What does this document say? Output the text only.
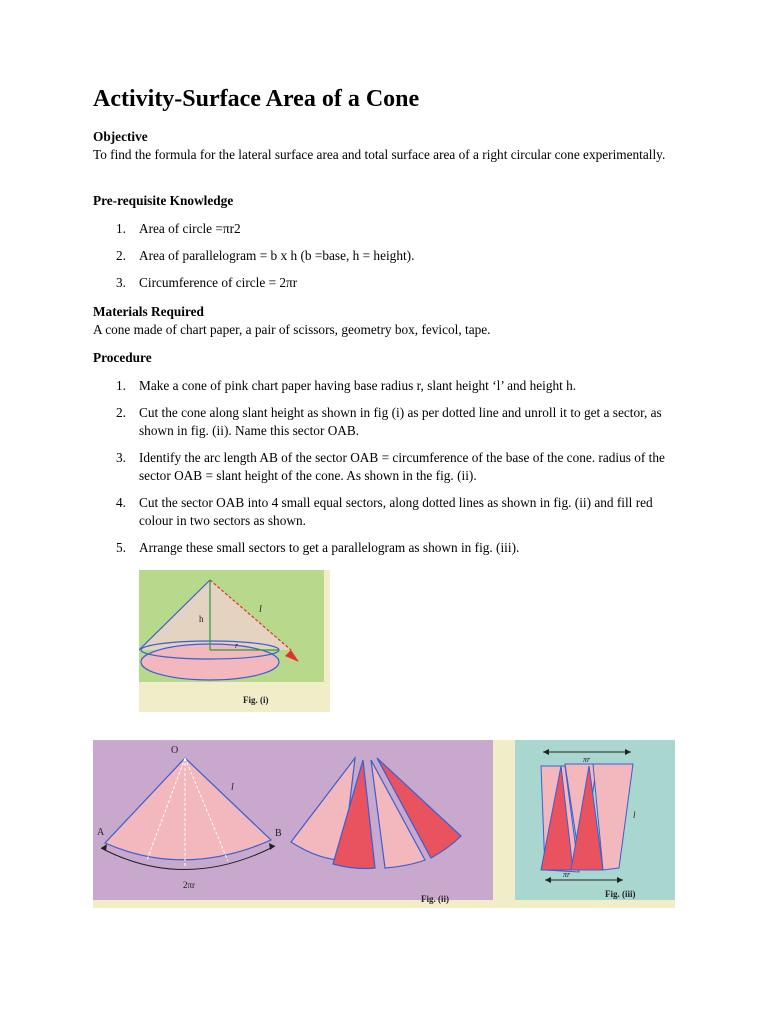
Activity-Surface Area of a Cone
Objective

To find the formula for the lateral surface area and total surface area of a right circular cone experimentally.

Pre-requisite Knowledge
1. Area of circle =πr2
2. Area of parallelogram = b x h (b =base, h = height).
3. Circumference of circle = 2πr
Materials Required

A cone made of chart paper, a pair of scissors, geometry box, fevicol, tape.

Procedure
1. Make a cone of pink chart paper having base radius r, slant height ‘l’ and height h.
2. Cut the cone along slant height as shown in fig (i) as per dotted line and unroll it to get a sector, as shown in fig. (ii). Name this sector OAB.
3. Identify the arc length AB of the sector OAB = circumference of the base of the cone. radius of the sector OAB = slant height of the cone. As shown in the fig. (ii).
4. Cut the sector OAB into 4 small equal sectors, along dotted lines as shown in fig. (ii) and fill red colour in two sectors as shown.
5. Arrange these small sectors to get a parallelogram as shown in fig. (iii).
h
l
r
Fig. (i)
O
A	B
l
2πr
Fig. (ii)
πr
πr
l
Fig. (iii)
